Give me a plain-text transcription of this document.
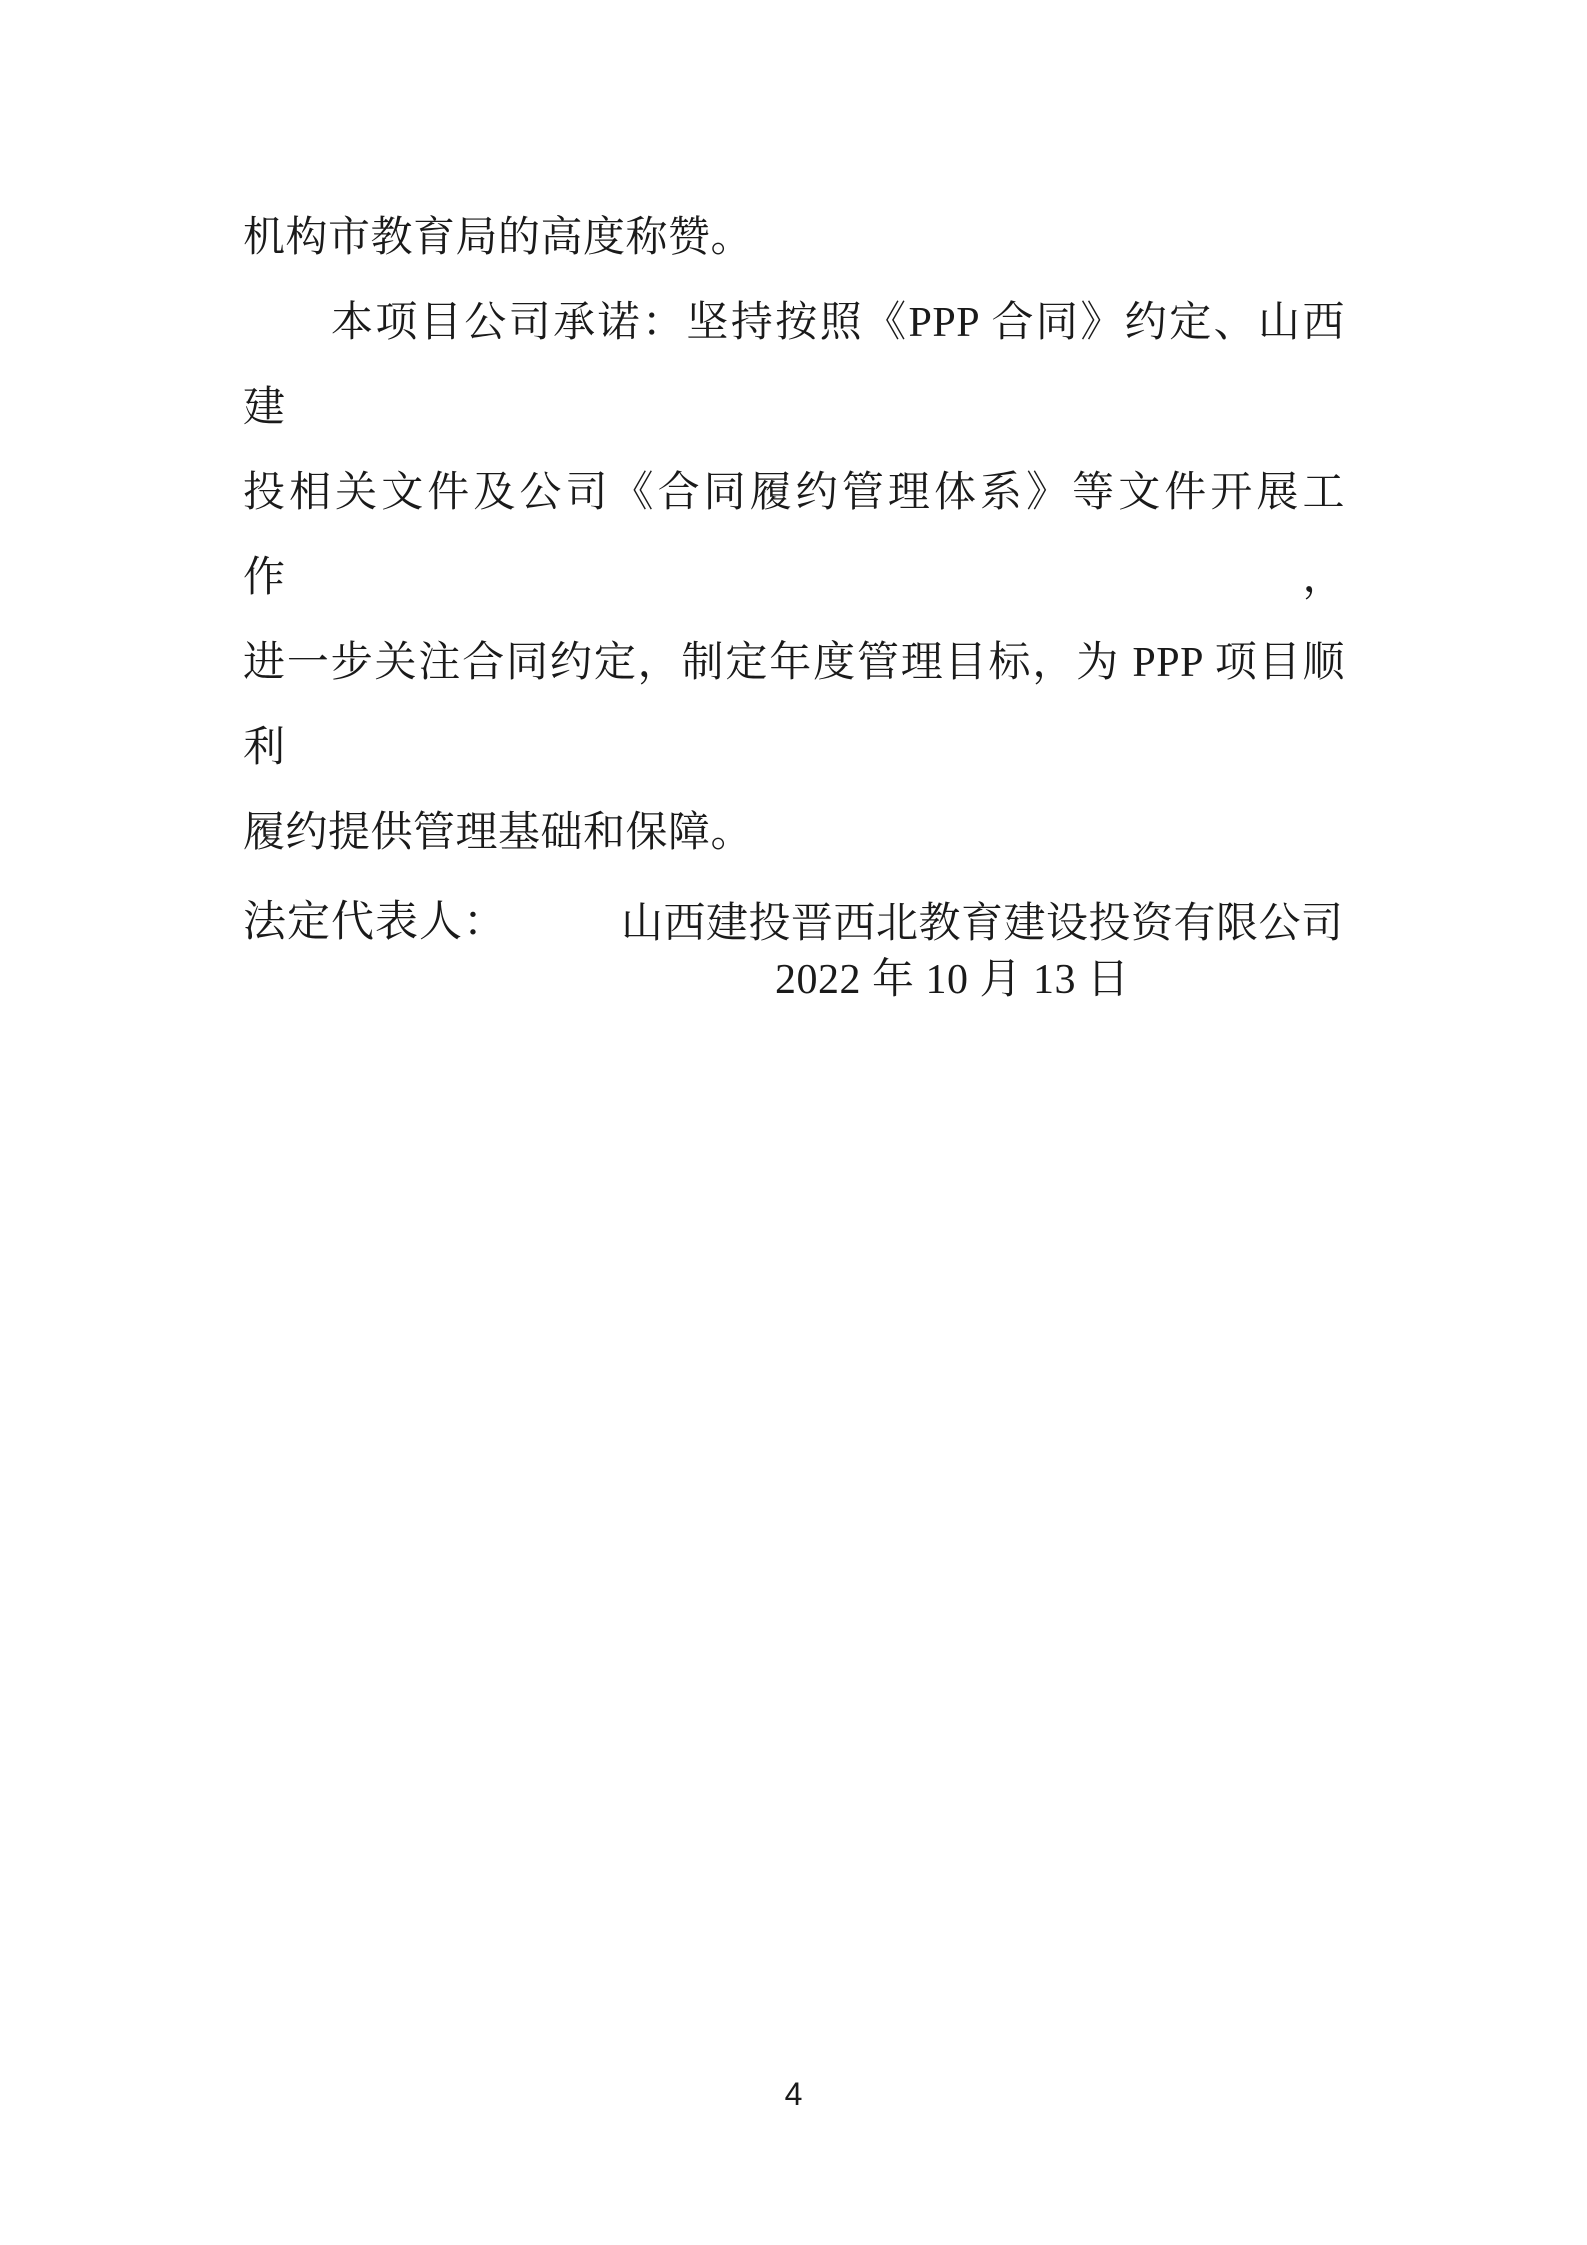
机构市教育局的高度称赞。
本项目公司承诺：坚持按照《PPP 合同》约定、山西建
投相关文件及公司《合同履约管理体系》等文件开展工作，
进一步关注合同约定，制定年度管理目标，为 PPP 项目顺利
履约提供管理基础和保障。
法定代表人：	山西建投晋西北教育建设投资有限公司
2022 年 10 月 13 日
4
